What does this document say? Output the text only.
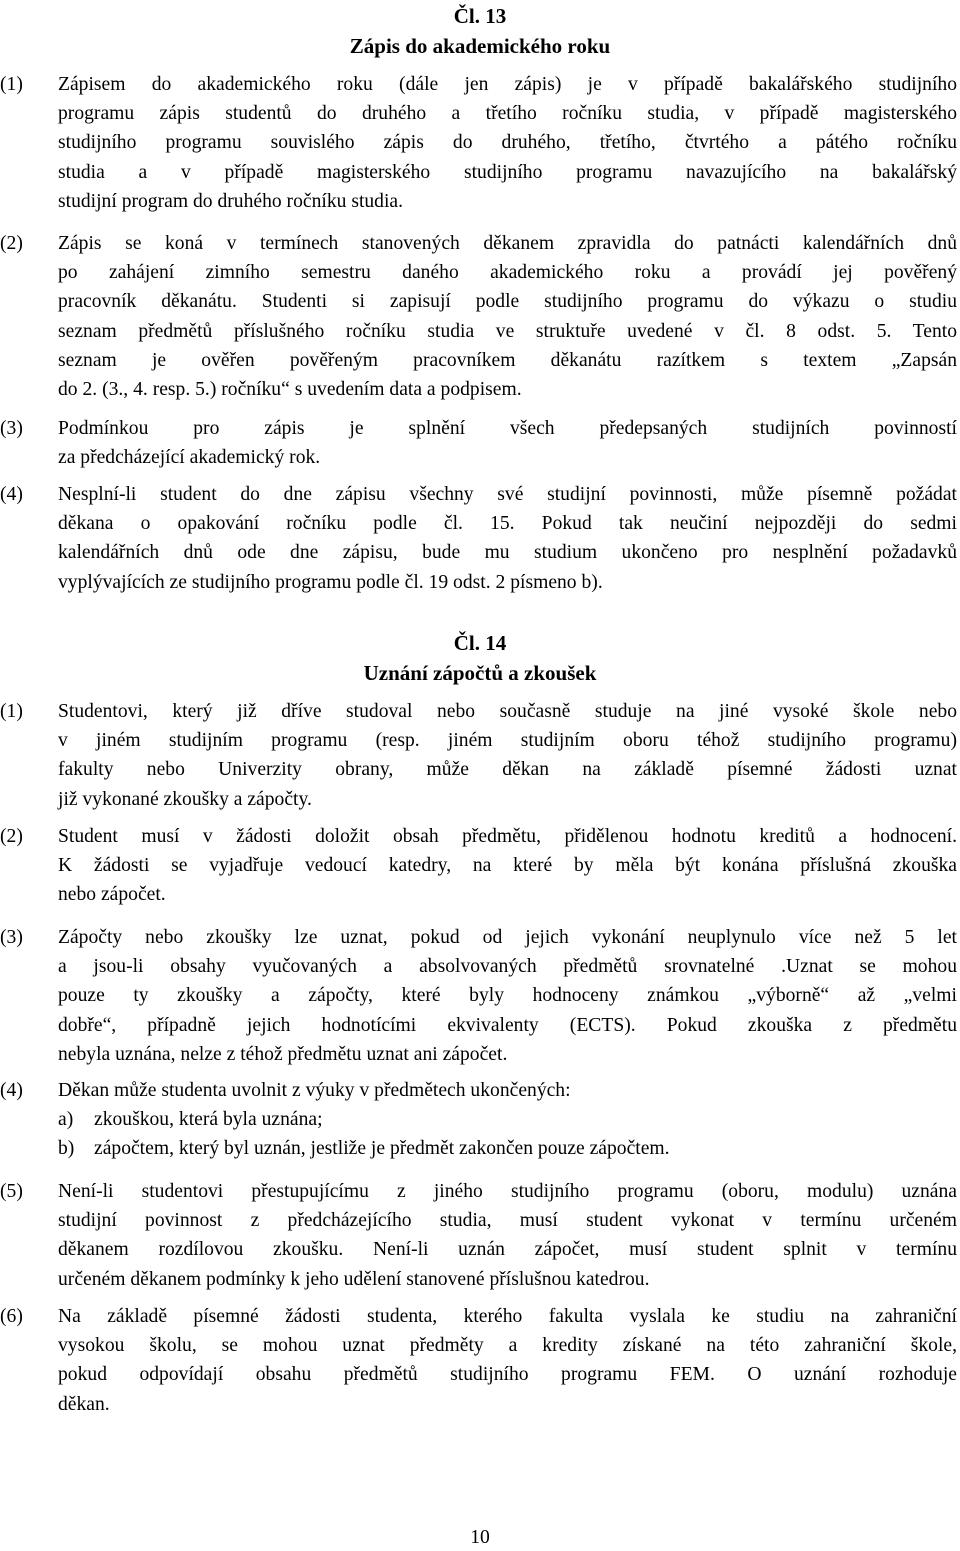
Čl. 13
Zápis do akademického roku
(1) Zápisem do akademického roku (dále jen zápis) je v případě bakalářského studijního
programu zápis studentů do druhého a třetího ročníku studia, v případě magisterského
studijního programu souvislého zápis do druhého, třetího, čtvrtého a pátého ročníku
studia a v případě magisterského studijního programu navazujícího na bakalářský
studijní program do druhého ročníku studia.
(2) Zápis se koná v termínech stanovených děkanem zpravidla do patnácti kalendářních dnů
po zahájení zimního semestru daného akademického roku a provádí jej pověřený
pracovník děkanátu. Studenti si zapisují podle studijního programu do výkazu o studiu
seznam předmětů příslušného ročníku studia ve struktuře uvedené v čl. 8 odst. 5. Tento
seznam je ověřen pověřeným pracovníkem děkanátu razítkem s textem „Zapsán
do 2. (3., 4. resp. 5.) ročníku“ s uvedením data a podpisem.
(3) Podmínkou pro zápis je splnění všech předepsaných studijních povinností
za předcházející akademický rok.
(4) Nesplní-li student do dne zápisu všechny své studijní povinnosti, může písemně požádat
děkana o opakování ročníku podle čl. 15. Pokud tak neučiní nejpozději do sedmi
kalendářních dnů ode dne zápisu, bude mu studium ukončeno pro nesplnění požadavků
vyplývajících ze studijního programu podle čl. 19 odst. 2 písmeno b).
Čl. 14
Uznání zápočtů a zkoušek
(1) Studentovi, který již dříve studoval nebo současně studuje na jiné vysoké škole nebo
v jiném studijním programu (resp. jiném studijním oboru téhož studijního programu)
fakulty nebo Univerzity obrany, může děkan na základě písemné žádosti uznat
již vykonané zkoušky a zápočty.
(2) Student musí v žádosti doložit obsah předmětu, přidělenou hodnotu kreditů a hodnocení.
K žádosti se vyjadřuje vedoucí katedry, na které by měla být konána příslušná zkouška
nebo zápočet.
(3) Zápočty nebo zkoušky lze uznat, pokud od jejich vykonání neuplynulo více než 5 let
a jsou-li obsahy vyučovaných a absolvovaných předmětů srovnatelné .Uznat se mohou
pouze ty zkoušky a zápočty, které byly hodnoceny známkou „výborně“ až „velmi
dobře“, případně jejich hodnotícími ekvivalenty (ECTS). Pokud zkouška z předmětu
nebyla uznána, nelze z téhož předmětu uznat ani zápočet.
(4) Děkan může studenta uvolnit z výuky v předmětech ukončených:
a) zkouškou, která byla uznána;
b) zápočtem, který byl uznán, jestliže je předmět zakončen pouze zápočtem.
(5) Není-li studentovi přestupujícímu z jiného studijního programu (oboru, modulu) uznána
studijní povinnost z předcházejícího studia, musí student vykonat v termínu určeném
děkanem rozdílovou zkoušku. Není-li uznán zápočet, musí student splnit v termínu
určeném děkanem podmínky k jeho udělení stanovené příslušnou katedrou.
(6) Na základě písemné žádosti studenta, kterého fakulta vyslala ke studiu na zahraniční
vysokou školu, se mohou uznat předměty a kredity získané na této zahraniční škole,
pokud odpovídají obsahu předmětů studijního programu FEM. O uznání rozhoduje
děkan.
10
